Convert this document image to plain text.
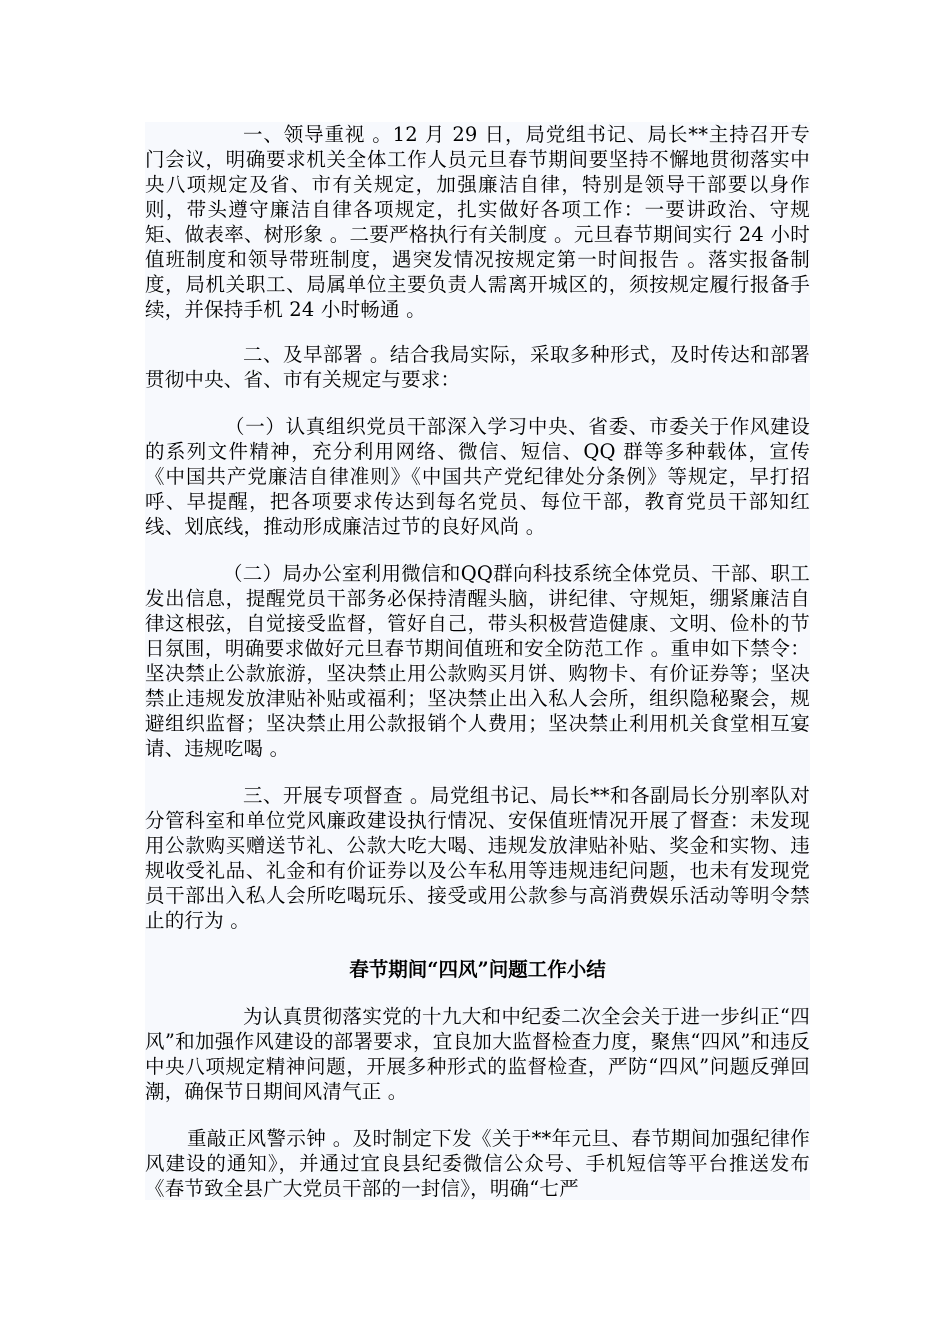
一、领导重视 。12 月 29 日，局党组书记、局长**主持召开专门会议，明确要求机关全体工作人员元旦春节期间要坚持不懈地贯彻落实中央八项规定及省、市有关规定，加强廉洁自律，特别是领导干部要以身作则，带头遵守廉洁自律各项规定，扎实做好各项工作：一要讲政治、守规矩、做表率、树形象 。二要严格执行有关制度 。元旦春节期间实行 24 小时值班制度和领导带班制度，遇突发情况按规定第一时间报告 。落实报备制度，局机关职工、局属单位主要负责人需离开城区的，须按规定履行报备手续，并保持手机 24 小时畅通 。

二、及早部署 。结合我局实际，采取多种形式，及时传达和部署贯彻中央、省、市有关规定与要求：

（一）认真组织党员干部深入学习中央、省委、市委关于作风建设的系列文件精神，充分利用网络、微信、短信、QQ 群等多种载体，宣传《中国共产党廉洁自律准则》《中国共产党纪律处分条例》等规定，早打招呼、早提醒，把各项要求传达到每名党员、每位干部，教育党员干部知红线、划底线，推动形成廉洁过节的良好风尚 。

（二）局办公室利用微信和QQ群向科技系统全体党员、干部、职工发出信息，提醒党员干部务必保持清醒头脑，讲纪律、守规矩，绷紧廉洁自律这根弦，自觉接受监督，管好自己，带头积极营造健康、文明、俭朴的节日氛围，明确要求做好元旦春节期间值班和安全防范工作 。重申如下禁令：坚决禁止公款旅游，坚决禁止用公款购买月饼、购物卡、有价证券等；坚决禁止违规发放津贴补贴或福利；坚决禁止出入私人会所，组织隐秘聚会，规避组织监督；坚决禁止用公款报销个人费用；坚决禁止利用机关食堂相互宴请、违规吃喝 。

三、开展专项督查 。局党组书记、局长**和各副局长分别率队对分管科室和单位党风廉政建设执行情况、安保值班情况开展了督查：未发现用公款购买赠送节礼、公款大吃大喝、违规发放津贴补贴、奖金和实物、违规收受礼品、礼金和有价证券以及公车私用等违规违纪问题，也未有发现党员干部出入私人会所吃喝玩乐、接受或用公款参与高消费娱乐活动等明令禁止的行为 。

春节期间“四风”问题工作小结

为认真贯彻落实党的十九大和中纪委二次全会关于进一步纠正“四风”和加强作风建设的部署要求，宜良加大监督检查力度，聚焦“四风”和违反中央八项规定精神问题，开展多种形式的监督检查，严防“四风”问题反弹回潮，确保节日期间风清气正 。

重敲正风警示钟 。及时制定下发《关于**年元旦、春节期间加强纪律作风建设的通知》，并通过宜良县纪委微信公众号、手机短信等平台推送发布《春节致全县广大党员干部的一封信》，明确“七严
